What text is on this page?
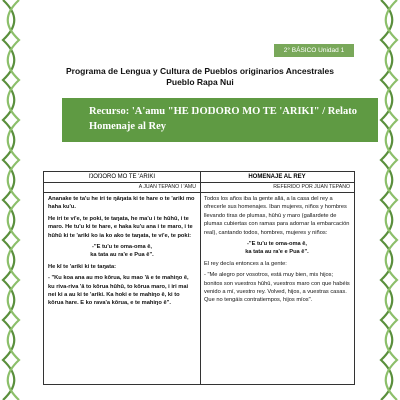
2° BÁSICO Unidad 1
Programa de Lengua y Cultura de Pueblos originarios Ancestrales
Pueblo Rapa Nui
Recurso: 'A'amu "HE ŊOŊORO MO TE 'ARIKI" / Relato
Homenaje al Rey
ŊOŊORO MO TE 'ARIKI
A JUAN TEPANO I 'AMU

Ananake te ta'u he iri te ŋāŋata ki te hare o te 'ariki mo haha ku'u.

He iri te vi'e, te poki, te taŋata, he ma'u i te hūhū, i te maro. He tu'u ki te hare, e haka ku'u ana i te maro, i te hūhū ki te 'ariki ko ia ko ako te taŋata, te vi'e, te poki:

-"E tu'u te oma-oma ē,

ka tata au ra'e e Pua ē".

He kī te 'ariki ki te taŋata:

- "Ku koa ana au mo kōrua, ku mao 'ā e te mahiŋo ē, ku riva-riva 'ā to kōrua hūhū, to kōrua maro, i iri mai nei ki a au ki te 'ariki. Ka hoki e te mahiŋo ē, ki to kōrua hare. E ko rava'a kōrua, e te mahiŋo ē".

HOMENAJE AL REY
REFERIDO POR JUAN TEPANO

Todos los años iba la gente allá, a la casa del rey a ofrecerle sus homenajes. Iban mujeres, niños y hombres llevando tiras de plumas, hūhū y maro (gallardete de plumas cubiertas con ramas para adornar la embarcación real), cantando todos, hombres, mujeres y niños:

-"E tu'u te oma-oma ē,

ka tata au ra'e e Pua ē".

El rey decía entonces a la gente:

- "Me alegro por vosotros, está muy bien, mis hijos; bonitos son vuestros hūhū, vuestros maro con que habéis venido a mí, vuestro rey. Volved, hijos, a vuestras casas. Que no tengáis contratiempos, hijos míos".
